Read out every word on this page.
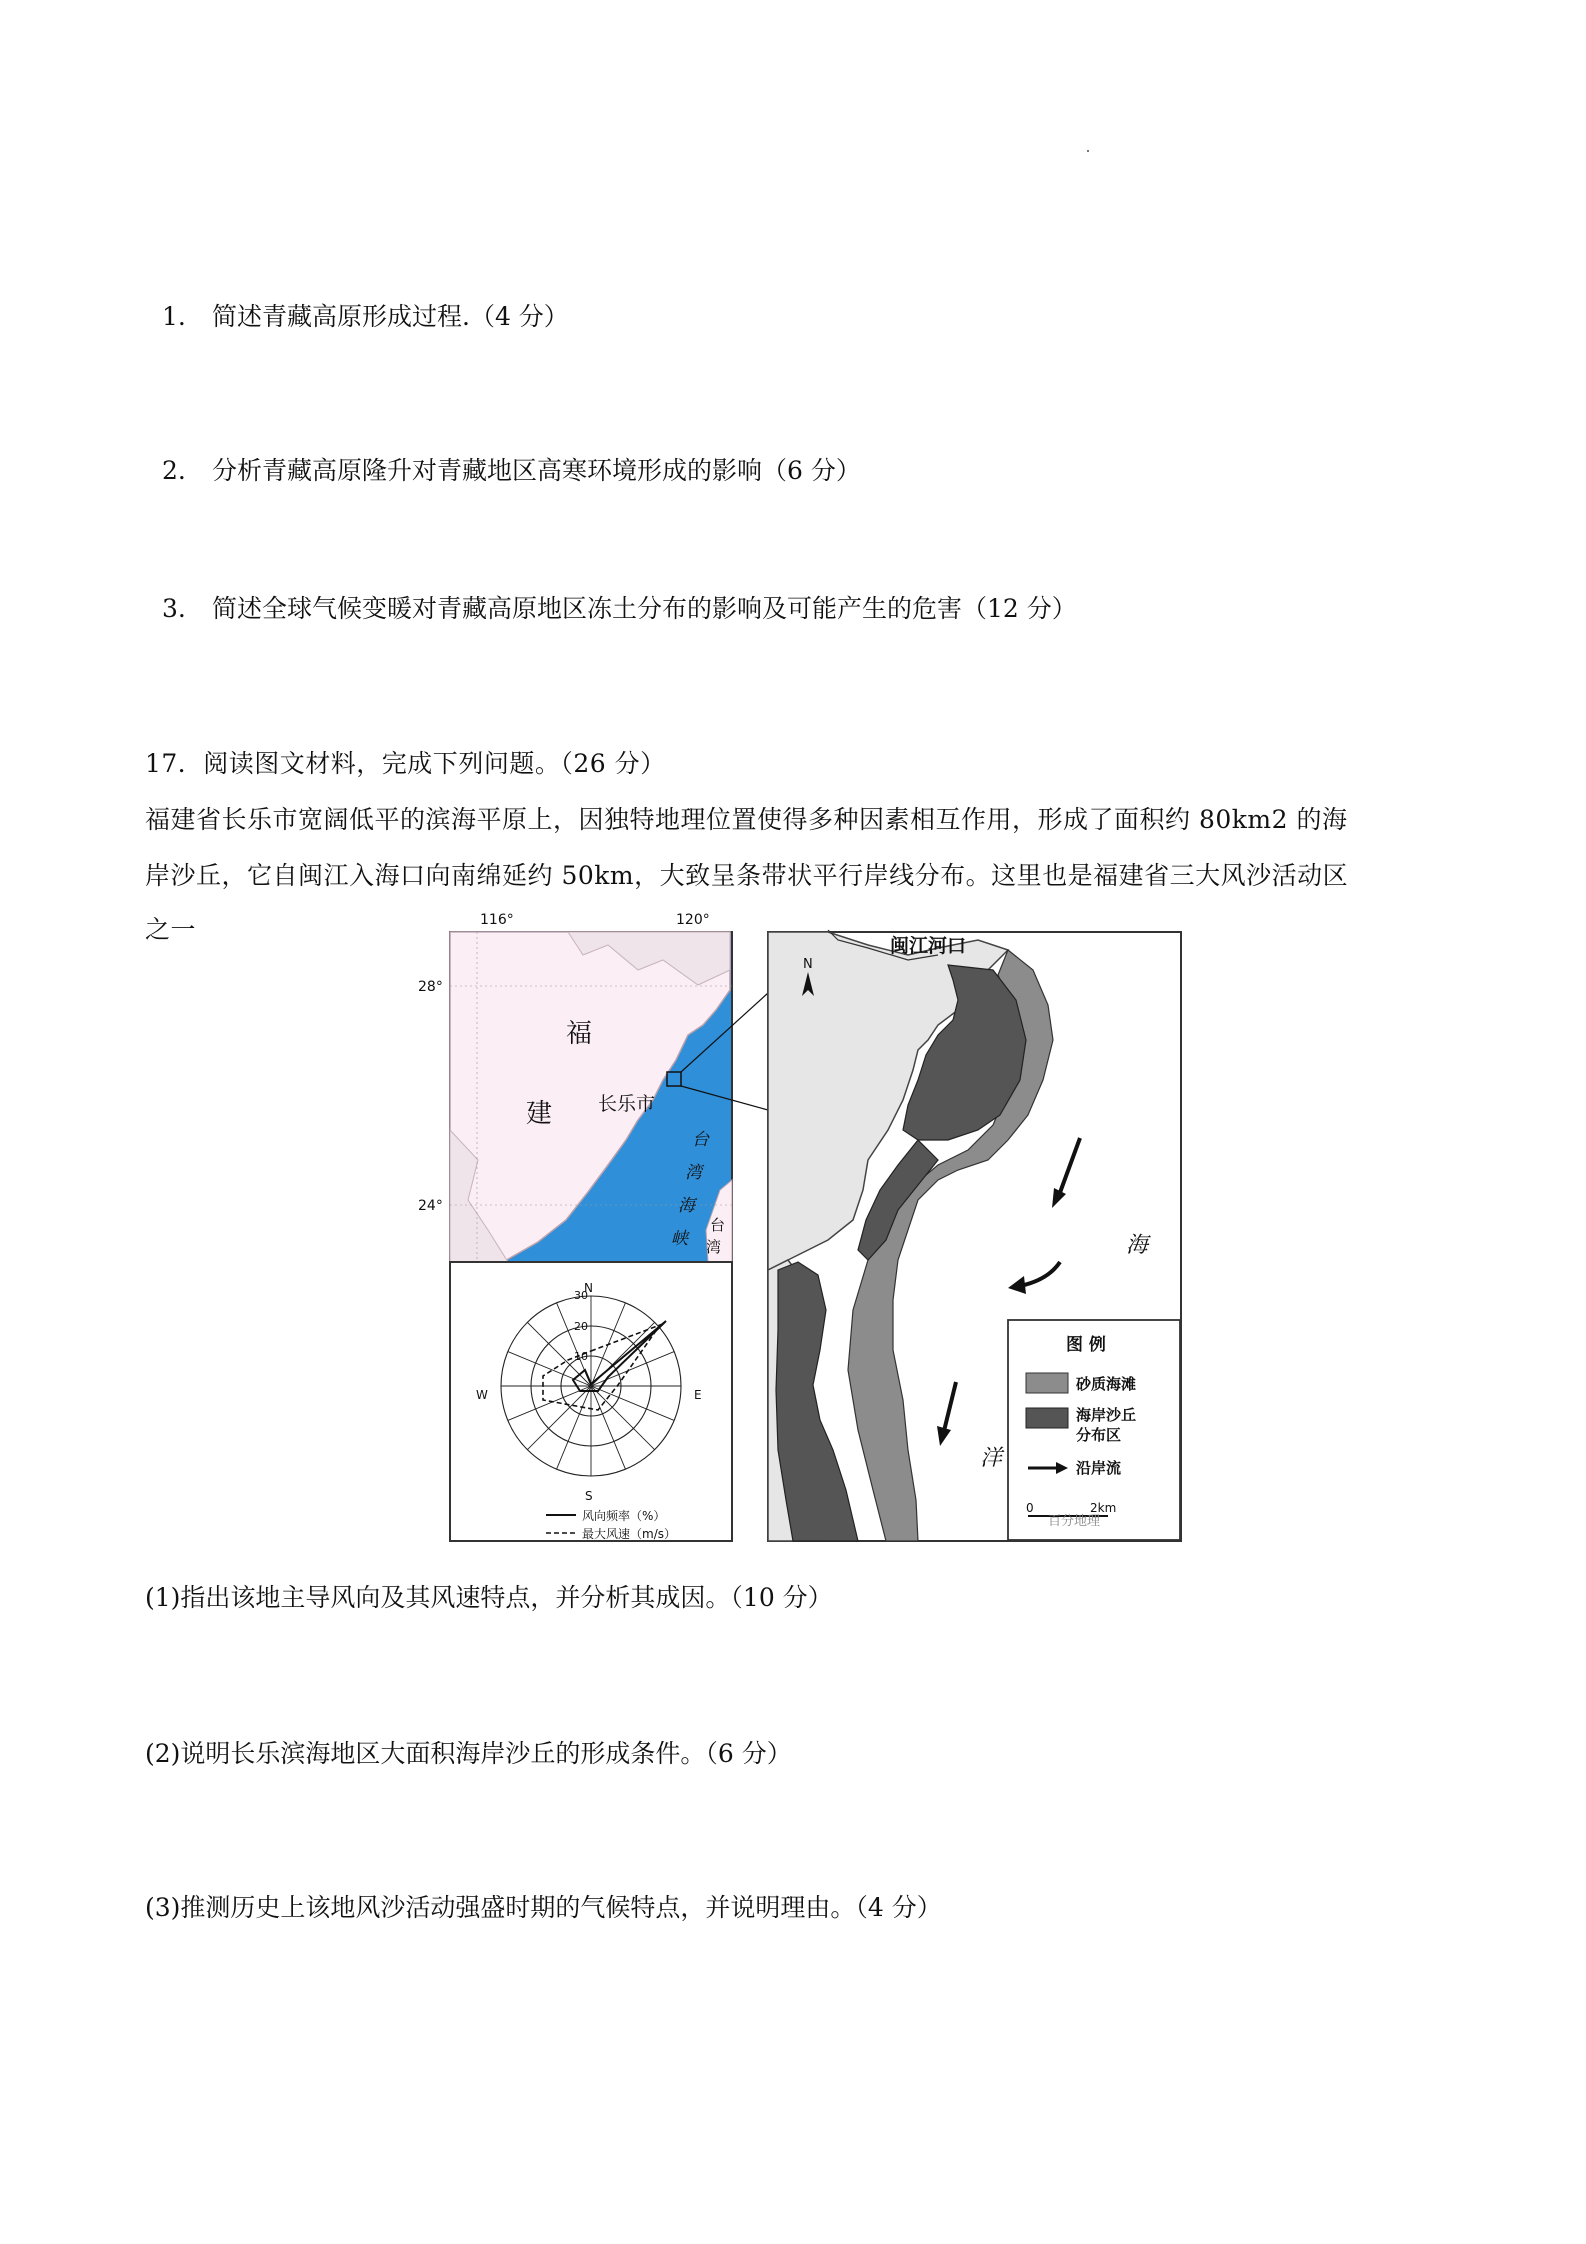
1. 简述青藏高原形成过程.（4 分）
2. 分析青藏高原隆升对青藏地区高寒环境形成的影响（6 分）
3. 简述全球气候变暖对青藏高原地区冻土分布的影响及可能产生的危害（12 分）
17．阅读图文材料，完成下列问题。（26 分）
福建省长乐市宽阔低平的滨海平原上，因独特地理位置使得多种因素相互作用，形成了面积约 80km2 的海
岸沙丘，它自闽江入海口向南绵延约 50km，大致呈条带状平行岸线分布。这里也是福建省三大风沙活动区
之一	116°	120°
28°
24°
福
建 长乐市
台
湾
海
峡
台
湾
N
E
S
W
30
20
10
风向频率（%）
最大风速（m/s）
闽江河口
N
海
洋
图 例
砂质海滩
海岸沙丘
分布区
沿岸流
0	2km
百分地理
(1)指出该地主导风向及其风速特点，并分析其成因。（10 分）
(2)说明长乐滨海地区大面积海岸沙丘的形成条件。（6 分）
(3)推测历史上该地风沙活动强盛时期的气候特点，并说明理由。（4 分）
